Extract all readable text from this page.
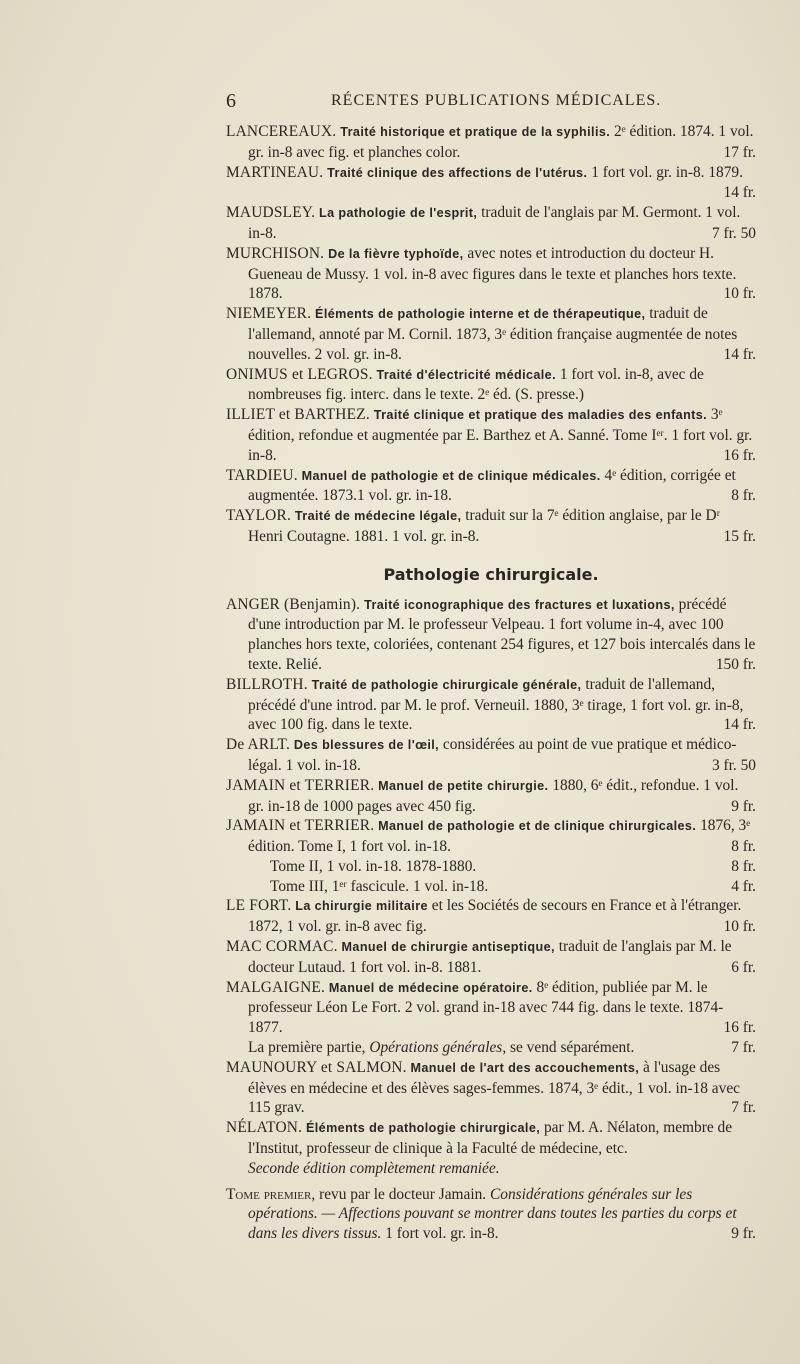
6	RÉCENTES PUBLICATIONS MÉDICALES.

LANCEREAUX. Traité historique et pratique de la syphilis. 2ᵉ édition. 1874. 1 vol. gr. in-8 avec fig. et planches color.	17 fr.

MARTINEAU. Traité clinique des affections de l'utérus. 1 fort vol. gr. in-8. 1879.
14 fr.

MAUDSLEY. La pathologie de l'esprit, traduit de l'anglais par M. Germont. 1 vol. in-8.	7 fr. 50

MURCHISON. De la fièvre typhoïde, avec notes et introduction du docteur H. Gueneau de Mussy. 1 vol. in-8 avec figures dans le texte et planches hors texte. 1878.	10 fr.

NIEMEYER. Éléments de pathologie interne et de thérapeutique, traduit de l'allemand, annoté par M. Cornil. 1873, 3ᵉ édition française augmentée de notes nouvelles. 2 vol. gr. in-8.	14 fr.

ONIMUS et LEGROS. Traité d'électricité médicale. 1 fort vol. in-8, avec de nombreuses fig. interc. dans le texte. 2ᵉ éd. (S. presse.)

ILLIET et BARTHEZ. Traité clinique et pratique des maladies des enfants. 3ᵉ édition, refondue et augmentée par E. Barthez et A. Sanné. Tome Iᵉʳ. 1 fort vol. gr. in-8.	16 fr.

TARDIEU. Manuel de pathologie et de clinique médicales. 4ᵉ édition, corrigée et augmentée. 1873.1 vol. gr. in-18.	8 fr.

TAYLOR. Traité de médecine légale, traduit sur la 7ᵉ édition anglaise, par le Dʳ Henri Coutagne. 1881. 1 vol. gr. in-8.	15 fr.

Pathologie chirurgicale.

ANGER (Benjamin). Traité iconographique des fractures et luxations, précédé d'une introduction par M. le professeur Velpeau. 1 fort volume in-4, avec 100 planches hors texte, coloriées, contenant 254 figures, et 127 bois intercalés dans le texte. Relié.	150 fr.

BILLROTH. Traité de pathologie chirurgicale générale, traduit de l'allemand, précédé d'une introd. par M. le prof. Verneuil. 1880, 3ᵉ tirage, 1 fort vol. gr. in-8, avec 100 fig. dans le texte.	14 fr.

De ARLT. Des blessures de l'œil, considérées au point de vue pratique et médico-légal. 1 vol. in-18.	3 fr. 50

JAMAIN et TERRIER. Manuel de petite chirurgie. 1880, 6ᵉ édit., refondue. 1 vol. gr. in-18 de 1000 pages avec 450 fig.	9 fr.

JAMAIN et TERRIER. Manuel de pathologie et de clinique chirurgicales. 1876, 3ᵉ édition. Tome I, 1 fort vol. in-18.	8 fr.

Tome II, 1 vol. in-18. 1878-1880.	8 fr.

Tome III, 1ᵉʳ fascicule. 1 vol. in-18.	4 fr.

LE FORT. La chirurgie militaire et les Sociétés de secours en France et à l'étranger. 1872, 1 vol. gr. in-8 avec fig.	10 fr.

MAC CORMAC. Manuel de chirurgie antiseptique, traduit de l'anglais par M. le docteur Lutaud. 1 fort vol. in-8. 1881.	6 fr.

MALGAIGNE. Manuel de médecine opératoire. 8ᵉ édition, publiée par M. le professeur Léon Le Fort. 2 vol. grand in-18 avec 744 fig. dans le texte. 1874-1877.	16 fr.

La première partie, Opérations générales, se vend séparément.	7 fr.

MAUNOURY et SALMON. Manuel de l'art des accouchements, à l'usage des élèves en médecine et des élèves sages-femmes. 1874, 3ᵉ édit., 1 vol. in-18 avec 115 grav.	7 fr.

NÉLATON. Éléments de pathologie chirurgicale, par M. A. Nélaton, membre de l'Institut, professeur de clinique à la Faculté de médecine, etc.

Seconde édition complètement remaniée.

Tome premier, revu par le docteur Jamain. Considérations générales sur les opérations. — Affections pouvant se montrer dans toutes les parties du corps et dans les divers tissus. 1 fort vol. gr. in-8.	9 fr.
